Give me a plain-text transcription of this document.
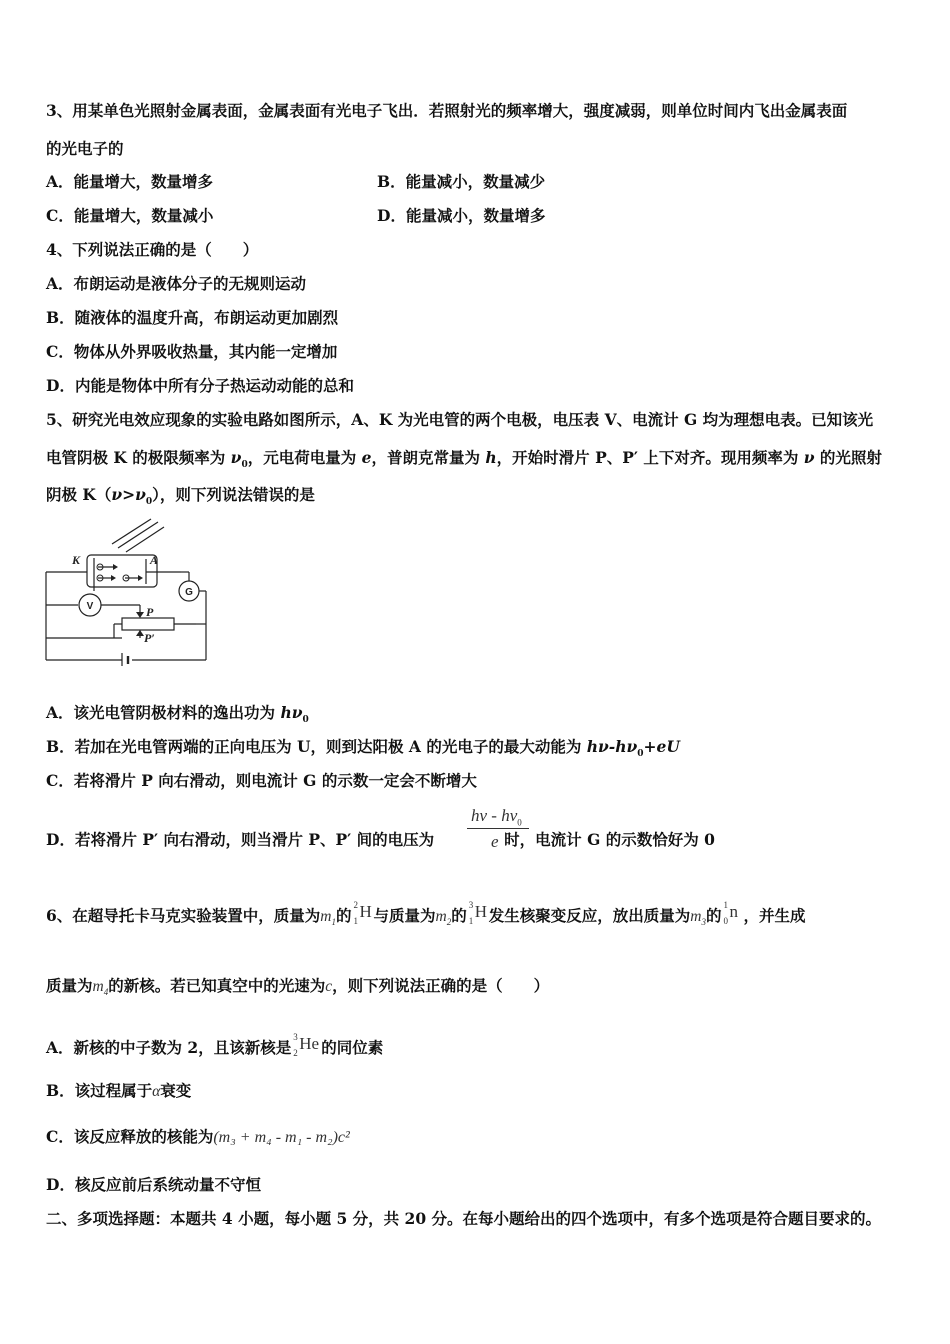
3、用某单色光照射金属表面，金属表面有光电子飞出．若照射光的频率增大，强度减弱，则单位时间内飞出金属表面
的光电子的
A．能量增大，数量增多	B．能量减小，数量减少
C．能量增大，数量减小	D．能量减小，数量增多
4、下列说法正确的是（　　）
A．布朗运动是液体分子的无规则运动
B．随液体的温度升高，布朗运动更加剧烈
C．物体从外界吸收热量，其内能一定增加
D．内能是物体中所有分子热运动动能的总和
5、研究光电效应现象的实验电路如图所示，A、K 为光电管的两个电极，电压表 V、电流计 G 均为理想电表。已知该光
电管阴极 K 的极限频率为 $\nu_0$，元电荷电量为 e，普朗克常量为 h，开始时滑片 P、P′ 上下对齐。现用频率为 ν 的光照射
阴极 $K(\nu>\nu_0)$，则下列说法错误的是
K	A
P
P′
G
V
A．该光电管阴极材料的逸出功为 $h\nu_0$
B．若加在光电管两端的正向电压为 U，则到达阳极 A 的光电子的最大动能为 $h\nu-h\nu_0+eU$
C．若将滑片 P 向右滑动，则电流计 G 的示数一定会不断增大
D．若将滑片 P′ 向右滑动，则当滑片 P、P′ 间的电压为	时，电流计 G 的示数恰好为 0
hν - $h\nu_0$
e
6、在超导托卡马克实验装置中，质量为$m_1$的
2
1 H 与质量为$m_2$的
3
1 H 发生核聚变反应，放出质量为$m_3$的
1
0 n ，并生成
质量为$m_4$的新核。若已知真空中的光速为c，则下列说法正确的是（　　）
A．新核的中子数为 2，且该新核是
3
2 He 的同位素
B．该过程属于α衰变
C．该反应释放的核能为(m₃ + m₄ - m₁ - m₂)c²
D．核反应前后系统动量不守恒
二、多项选择题：本题共 4 小题，每小题 5 分，共 20 分。在每小题给出的四个选项中，有多个选项是符合题目要求的。
